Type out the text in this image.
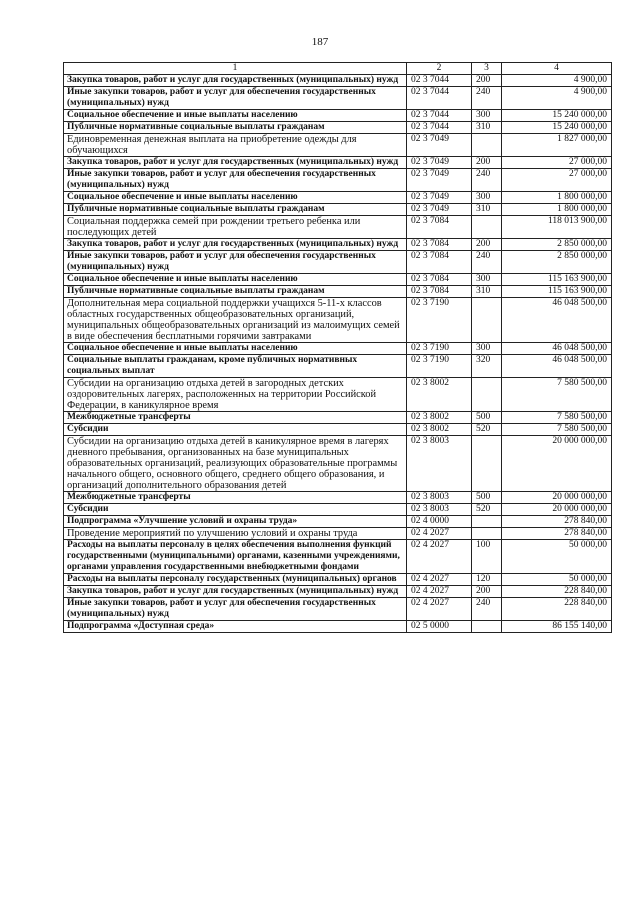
187
1	2	3	4
Закупка товаров, работ и услуг для государственных (муниципальных) нужд	02 3 7044	200	4 900,00
Иные закупки товаров, работ и услуг для обеспечения государственных (муниципальных) нужд	02 3 7044	240	4 900,00
Социальное обеспечение и иные выплаты населению	02 3 7044	300	15 240 000,00
Публичные нормативные социальные выплаты гражданам	02 3 7044	310	15 240 000,00
Единовременная денежная выплата на приобретение одежды для обучающихся	02 3 7049		1 827 000,00
Закупка товаров, работ и услуг для государственных (муниципальных) нужд	02 3 7049	200	27 000,00
Иные закупки товаров, работ и услуг для обеспечения государственных (муниципальных) нужд	02 3 7049	240	27 000,00
Социальное обеспечение и иные выплаты населению	02 3 7049	300	1 800 000,00
Публичные нормативные социальные выплаты гражданам	02 3 7049	310	1 800 000,00
Социальная поддержка семей при рождении третьего ребенка или последующих детей	02 3 7084		118 013 900,00
Закупка товаров, работ и услуг для государственных (муниципальных) нужд	02 3 7084	200	2 850 000,00
Иные закупки товаров, работ и услуг для обеспечения государственных (муниципальных) нужд	02 3 7084	240	2 850 000,00
Социальное обеспечение и иные выплаты населению	02 3 7084	300	115 163 900,00
Публичные нормативные социальные выплаты гражданам	02 3 7084	310	115 163 900,00
Дополнительная мера социальной поддержки учащихся 5-11-х классов областных государственных общеобразовательных организаций, муниципальных общеобразовательных организаций из малоимущих семей в виде обеспечения бесплатными горячими завтраками	02 3 7190		46 048 500,00
Социальное обеспечение и иные выплаты населению	02 3 7190	300	46 048 500,00
Социальные выплаты гражданам, кроме публичных нормативных социальных выплат	02 3 7190	320	46 048 500,00
Субсидии на организацию отдыха детей в загородных детских оздоровительных лагерях, расположенных на территории Российской Федерации, в каникулярное время	02 3 8002		7 580 500,00
Межбюджетные трансферты	02 3 8002	500	7 580 500,00
Субсидии	02 3 8002	520	7 580 500,00
Субсидии на организацию отдыха детей в каникулярное время в лагерях дневного пребывания, организованных на базе муниципальных образовательных организаций, реализующих образовательные программы начального общего, основного общего, среднего общего образования, и организаций дополнительного образования детей	02 3 8003		20 000 000,00
Межбюджетные трансферты	02 3 8003	500	20 000 000,00
Субсидии	02 3 8003	520	20 000 000,00
Подпрограмма «Улучшение условий и охраны труда»	02 4 0000		278 840,00
Проведение мероприятий по улучшению условий и охраны труда	02 4 2027		278 840,00
Расходы на выплаты персоналу в целях обеспечения выполнения функций государственными (муниципальными) органами, казенными учреждениями, органами управления государственными внебюджетными фондами	02 4 2027	100	50 000,00
Расходы на выплаты персоналу государственных (муниципальных) органов	02 4 2027	120	50 000,00
Закупка товаров, работ и услуг для государственных (муниципальных) нужд	02 4 2027	200	228 840,00
Иные закупки товаров, работ и услуг для обеспечения государственных (муниципальных) нужд	02 4 2027	240	228 840,00
Подпрограмма «Доступная среда»	02 5 0000		86 155 140,00
